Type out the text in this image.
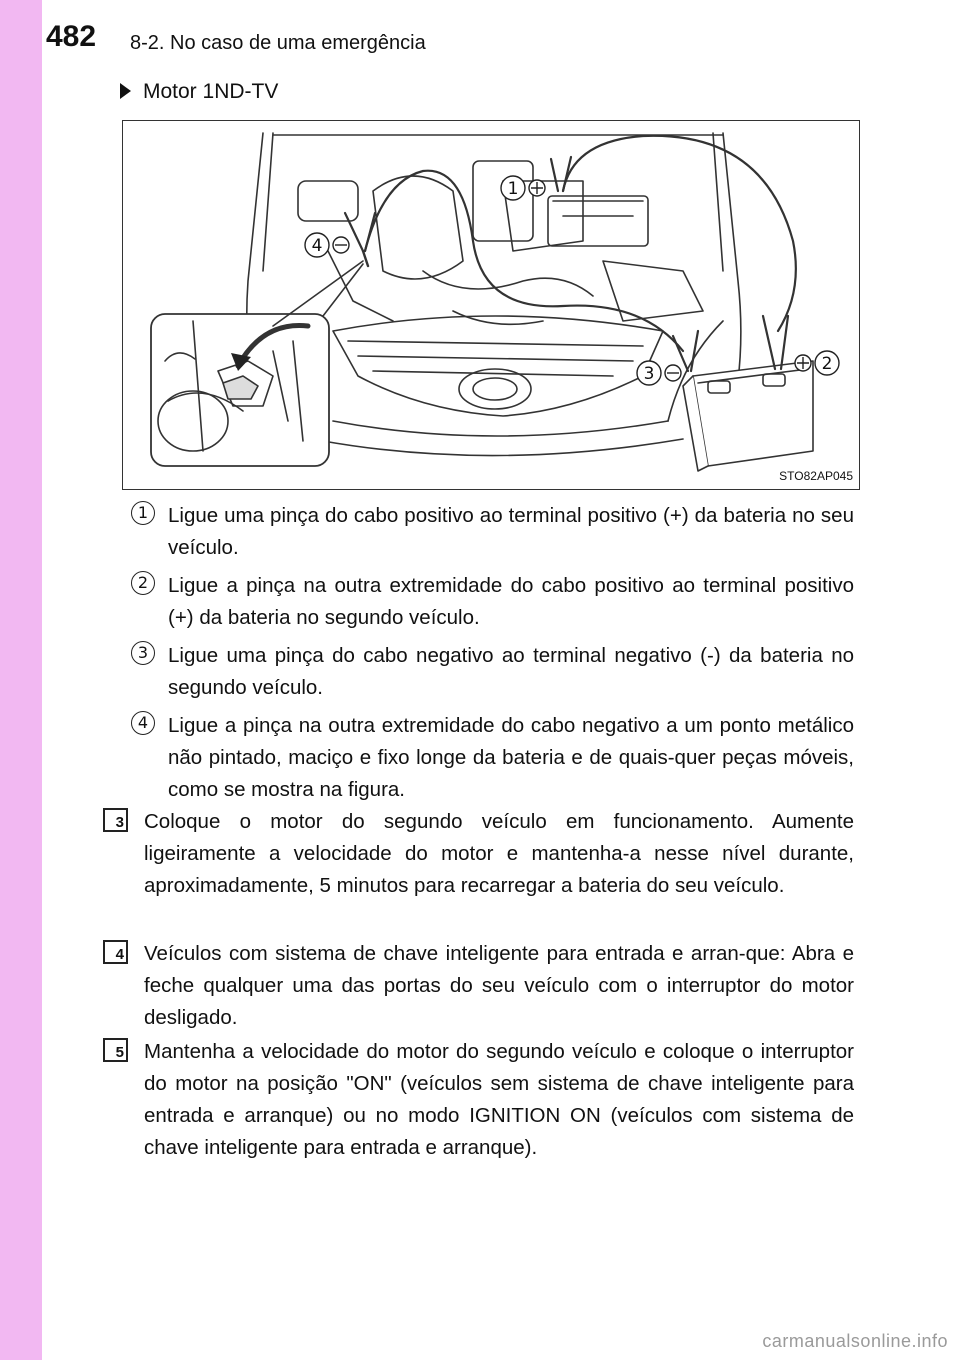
482 8-2. No caso de uma emergência
Motor 1ND-TV
1
4
3	2
STO82AP045
1 Ligue uma pinça do cabo positivo ao terminal positivo (+) da bateria no seu veículo.
2 Ligue a pinça na outra extremidade do cabo positivo ao terminal positivo (+) da bateria no segundo veículo.
3 Ligue uma pinça do cabo negativo ao terminal negativo (-) da bateria no segundo veículo.
4 Ligue a pinça na outra extremidade do cabo negativo a um ponto metálico não pintado, maciço e fixo longe da bateria e de quais-quer peças móveis, como se mostra na figura.
3 Coloque o motor do segundo veículo em funcionamento. Aumente ligeiramente a velocidade do motor e mantenha-a nesse nível durante, aproximadamente, 5 minutos para recarregar a bateria do seu veículo.
4 Veículos com sistema de chave inteligente para entrada e arran-que: Abra e feche qualquer uma das portas do seu veículo com o interruptor do motor desligado.
5 Mantenha a velocidade do motor do segundo veículo e coloque o interruptor do motor na posição "ON" (veículos sem sistema de chave inteligente para entrada e arranque) ou no modo IGNITION ON (veículos com sistema de chave inteligente para entrada e arranque).
carmanualsonline.info
